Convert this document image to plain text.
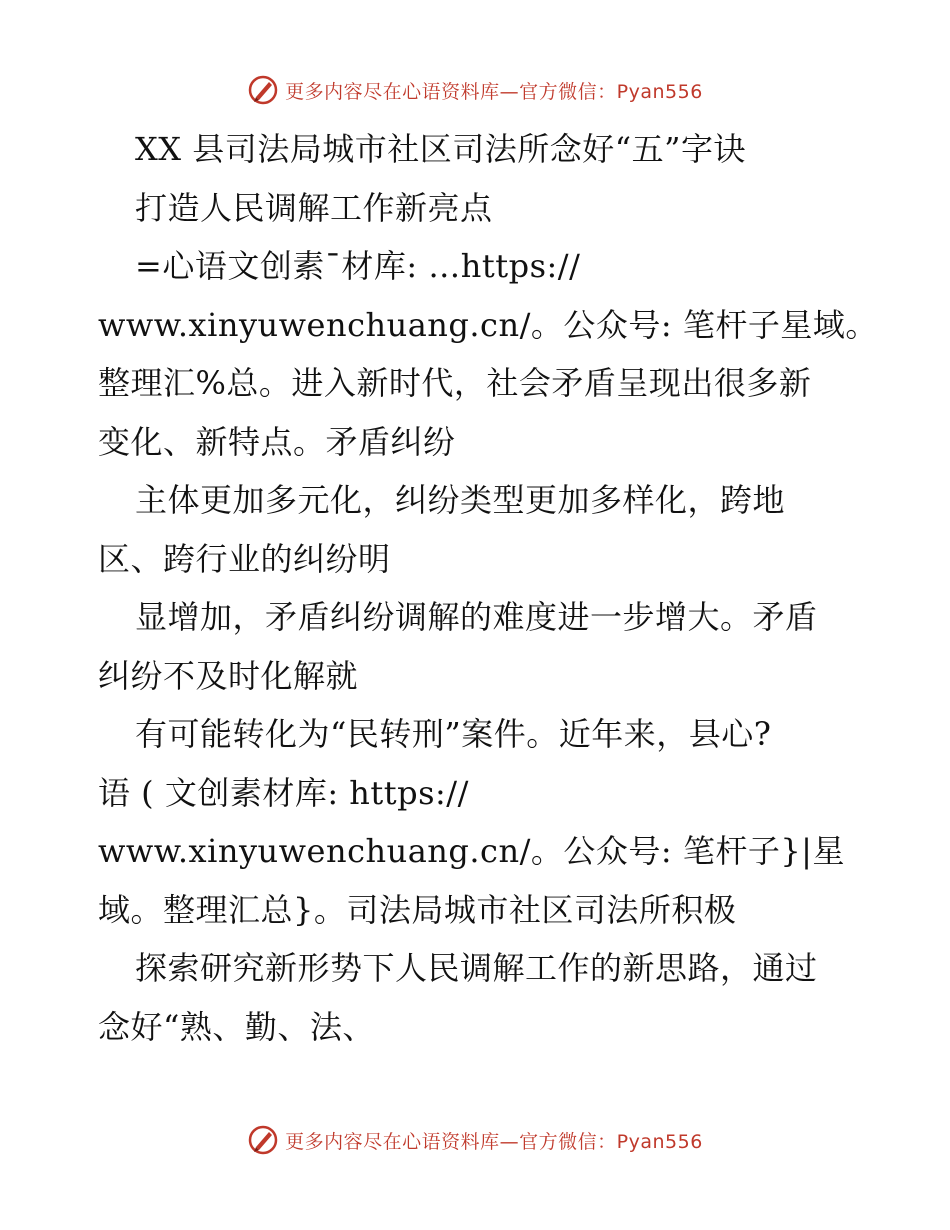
更多内容尽在心语资料库—官方微信：Pyan556
XX 县司法局城市社区司法所念好“五”字诀
打造人民调解工作新亮点
=心语文创素¯材库: …https://
www.xinyuwenchuang.cn/。公众号: 笔杆子星域。
整理汇%总。进入新时代，社会矛盾呈现出很多新
变化、新特点。矛盾纠纷
主体更加多元化，纠纷类型更加多样化，跨地
区、跨行业的纠纷明
显增加，矛盾纠纷调解的难度进一步增大。矛盾
纠纷不及时化解就
有可能转化为“民转刑”案件。近年来，县心?
语 ( 文创素材库: https://
www.xinyuwenchuang.cn/。公众号: 笔杆子}|星
域。整理汇总}。司法局城市社区司法所积极
探索研究新形势下人民调解工作的新思路，通过
念好“熟、勤、法、
更多内容尽在心语资料库—官方微信：Pyan556
